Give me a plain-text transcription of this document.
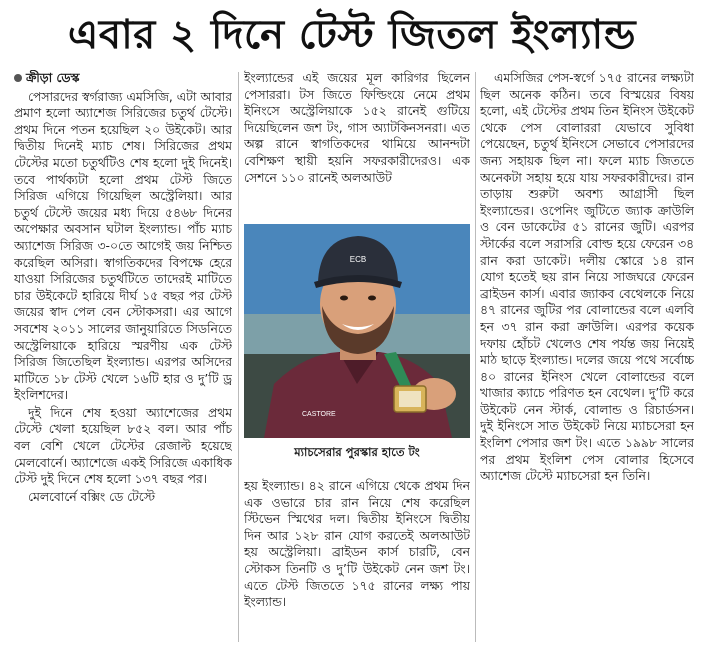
এবার ২ দিনে টেস্ট জিতল ইংল্যান্ড
ক্রীড়া ডেস্ক

পেসারদের স্বর্গরাজ্য এমসিজি, এটা আবার প্রমাণ হলো অ্যাশেজ সিরিজের চতুর্থ টেস্টে। প্রথম দিনে পতন হয়েছিল ২০ উইকেট। আর দ্বিতীয় দিনেই ম্যাচ শেষ। সিরিজের প্রথম টেস্টের মতো চতুর্থটিও শেষ হলো দুই দিনেই। তবে পার্থক্যটা হলো প্রথম টেস্ট জিতে সিরিজ এগিয়ে গিয়েছিল অস্ট্রেলিয়া। আর চতুর্থ টেস্টে জয়ের মধ্য দিয়ে ৫৪৬৮ দিনের অপেক্ষার অবসান ঘটাল ইংল্যান্ড। পাঁচ ম্যাচ অ্যাশেজ সিরিজ ৩-০তে আগেই জয় নিশ্চিত করেছিল অসিরা। স্বাগতিকদের বিপক্ষে হেরে যাওয়া সিরিজের চতুর্থটিতে তাদেরই মাটিতে চার উইকেটে হারিয়ে দীর্ঘ ১৫ বছর পর টেস্ট জয়ের স্বাদ পেল বেন স্টোকসরা। এর আগে সবশেষ ২০১১ সালের জানুয়ারিতে সিডনিতে অস্ট্রেলিয়াকে হারিয়ে স্মরণীয় এক টেস্ট সিরিজ জিতেছিল ইংল্যান্ড। এরপর অসিদের মাটিতে ১৮ টেস্ট খেলে ১৬টি হার ও দু’টি ড্র ইংলিশদের।

দুই দিনে শেষ হওয়া অ্যাশেজের প্রথম টেস্টে খেলা হয়েছিল ৮৫২ বল। আর পাঁচ বল বেশি খেলে টেস্টের রেজাল্ট হয়েছে মেলবোর্নে। অ্যাশেজে একই সিরিজে একাধিক টেস্ট দুই দিনে শেষ হলো ১৩৭ বছর পর।

মেলবোর্নে বক্সিং ডে টেস্টে

ইংল্যান্ডের এই জয়ের মূল কারিগর ছিলেন পেসাররা। টস জিতে ফিল্ডিংয়ে নেমে প্রথম ইনিংসে অস্ট্রেলিয়াকে ১৫২ রানেই গুটিয়ে দিয়েছিলেন জশ টং, গাস অ্যাটকিনসনরা। এত অল্প রানে স্বাগতিকদের থামিয়ে আনন্দটা বেশিক্ষণ স্থায়ী হয়নি সফরকারীদেরও। এক সেশনে ১১০ রানেই অলআউট

ECB
CASTORE
ম্যাচসেরার পুরস্কার হাতে টং

হয় ইংল্যান্ড। ৪২ রানে এগিয়ে থেকে প্রথম দিন এক ওভারে চার রান নিয়ে শেষ করেছিল স্টিভেন স্মিথের দল। দ্বিতীয় ইনিংসে দ্বিতীয় দিন আর ১২৮ রান যোগ করতেই অলআউট হয় অস্ট্রেলিয়া। ব্রাইডন কার্স চারটি, বেন স্টোকস তিনটি ও দু’টি উইকেট নেন জশ টং। এতে টেস্ট জিততে ১৭৫ রানের লক্ষ্য পায় ইংল্যান্ড।

এমসিজির পেস-স্বর্গে ১৭৫ রানের লক্ষ্যটা ছিল অনেক কঠিন। তবে বিস্ময়ের বিষয় হলো, এই টেস্টের প্রথম তিন ইনিংস উইকেট থেকে পেস বোলাররা যেভাবে সুবিধা পেয়েছেন, চতুর্থ ইনিংসে সেভাবে পেসারদের জন্য সহায়ক ছিল না। ফলে ম্যাচ জিততে অনেকটা সহায় হয়ে যায় সফরকারীদের। রান তাড়ায় শুরুটা অবশ্য আগ্রাসী ছিল ইংল্যান্ডের। ওপেনিং জুটিতে জ্যাক ক্রাউলি ও বেন ডাকেটের ৫১ রানের জুটি। এরপর স্টার্কের বলে সরাসরি বোল্ড হয়ে ফেরেন ৩৪ রান করা ডাকেট। দলীয় স্কোরে ১৪ রান যোগ হতেই ছয় রান নিয়ে সাজঘরে ফেরেন ব্রাইডন কার্স। এবার জ্যাকব বেথেলকে নিয়ে ৪৭ রানের জুটির পর বোলান্ডের বলে এলবি হন ৩৭ রান করা ক্রাউলি। এরপর কয়েক দফায় হোঁচট খেলেও শেষ পর্যন্ত জয় নিয়েই মাঠ ছাড়ে ইংল্যান্ড। দলের জয়ে পথে সর্বোচ্চ ৪০ রানের ইনিংস খেলে বোলান্ডের বলে খাজার ক্যাচে পরিণত হন বেথেল। দু’টি করে উইকেট নেন স্টার্ক, বোলান্ড ও রিচার্ডসন। দুই ইনিংসে সাত উইকেট নিয়ে ম্যাচসেরা হন ইংলিশ পেসার জশ টং। এতে ১৯৯৮ সালের পর প্রথম ইংলিশ পেস বোলার হিসেবে অ্যাশেজ টেস্টে ম্যাচসেরা হন তিনি।
